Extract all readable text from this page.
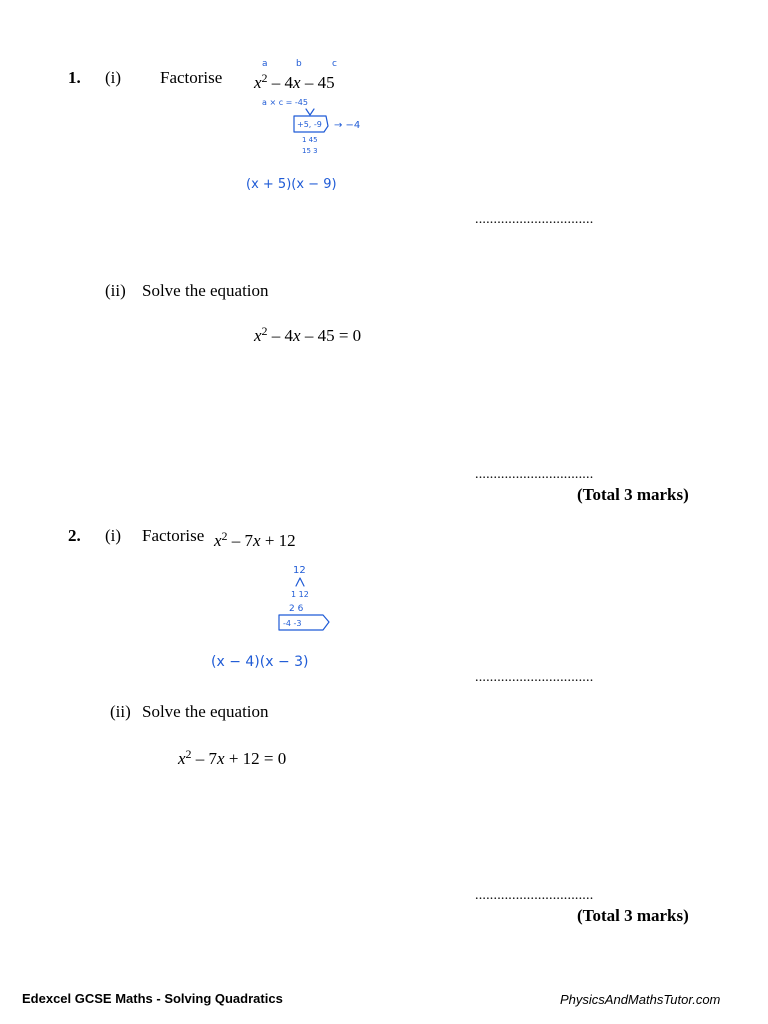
1. (i) Factorise $x^2 - 4x - 45$
a	b	c
a × c = -45
+5, -9 → −4
1 45
15 3
(x + 5)(x − 9)
................................
(ii) Solve the equation
$x^2 - 4x - 45 = 0$
................................
(Total 3 marks)
2. (i) Factorise $x^2 - 7x + 12$
12
1 12
2 6
-4 -3
(x − 4)(x − 3)
................................
(ii) Solve the equation
$x^2 - 7x + 12 = 0$
................................
(Total 3 marks)
Edexcel GCSE Maths - Solving Quadratics	PhysicsAndMathsTutor.com
